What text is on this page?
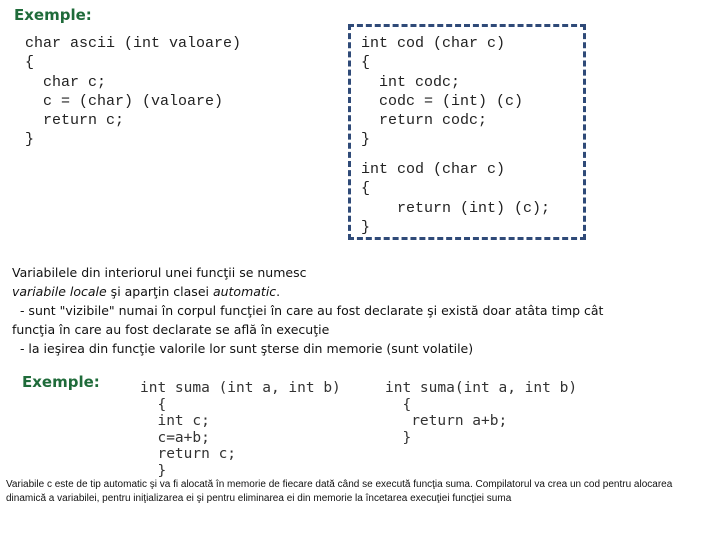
Exemple:
char ascii (int valoare)
{
char c;
c = (char) (valoare)
return c;
}
int cod (char c)
{
int codc;
codc = (int) (c)
return codc;
}
int cod (char c)
{
return (int) (c);
}
Variabilele din interiorul unei funcţii se numesc
variabile locale şi aparţin clasei automatic.
- sunt "vizibile" numai în corpul funcţiei în care au fost declarate şi există doar atâta timp cât
funcţia în care au fost declarate se află în execuţie
- la ieşirea din funcţie valorile lor sunt şterse din memorie (sunt volatile)
Exemple:	int suma (int a, int b)
{
int c;
c=a+b;
return c;
}
int suma(int a, int b)
{
return a+b;
}
Variabile c este de tip automatic şi va fi alocată în memorie de fiecare dată când se execută funcţia suma. Compilatorul va crea un cod pentru alocarea dinamică a variabilei, pentru iniţializarea ei şi pentru eliminarea ei din memorie la încetarea execuţiei funcţiei suma
